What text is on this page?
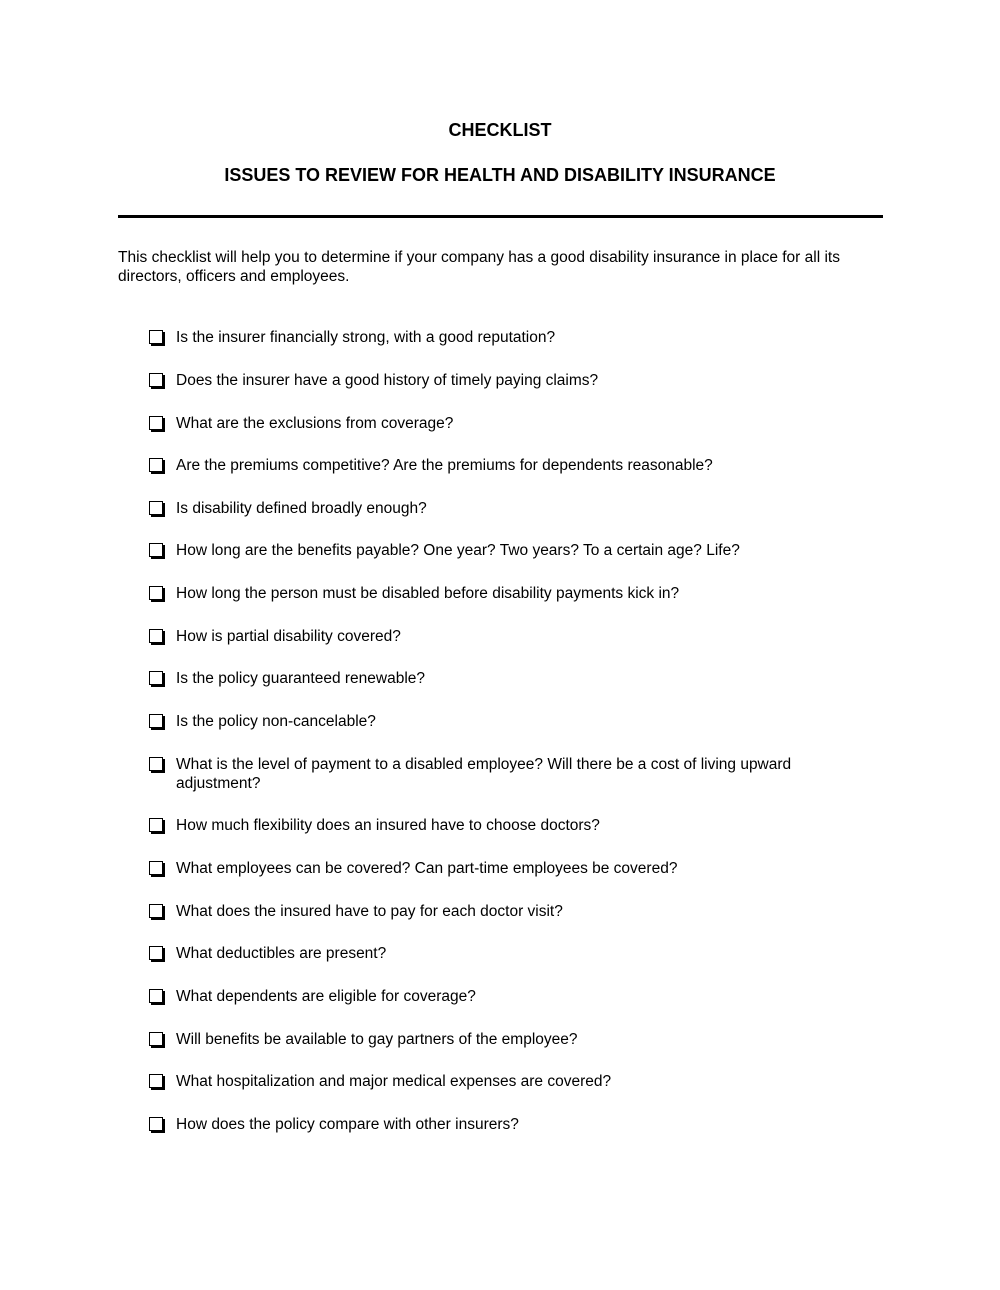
CHECKLIST
ISSUES TO REVIEW FOR HEALTH AND DISABILITY INSURANCE
This checklist will help you to determine if your company has a good disability insurance in place for all its directors, officers and employees.
Is the insurer financially strong, with a good reputation?
Does the insurer have a good history of timely paying claims?
What are the exclusions from coverage?
Are the premiums competitive? Are the premiums for dependents reasonable?
Is disability defined broadly enough?
How long are the benefits payable? One year? Two years? To a certain age? Life?
How long the person must be disabled before disability payments kick in?
How is partial disability covered?
Is the policy guaranteed renewable?
Is the policy non-cancelable?
What is the level of payment to a disabled employee? Will there be a cost of living upward adjustment?
How much flexibility does an insured have to choose doctors?
What employees can be covered? Can part-time employees be covered?
What does the insured have to pay for each doctor visit?
What deductibles are present?
What dependents are eligible for coverage?
Will benefits be available to gay partners of the employee?
What hospitalization and major medical expenses are covered?
How does the policy compare with other insurers?
